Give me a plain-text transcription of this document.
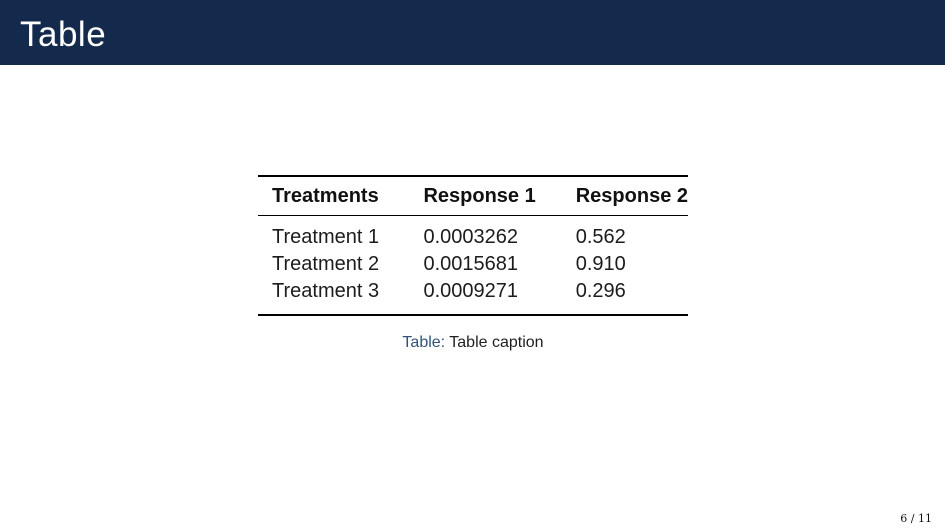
Table
Treatments	Response 1	Response 2
Treatment 1	0.0003262	0.562
Treatment 2	0.0015681	0.910
Treatment 3	0.0009271	0.296
Table: Table caption
6 / 11
